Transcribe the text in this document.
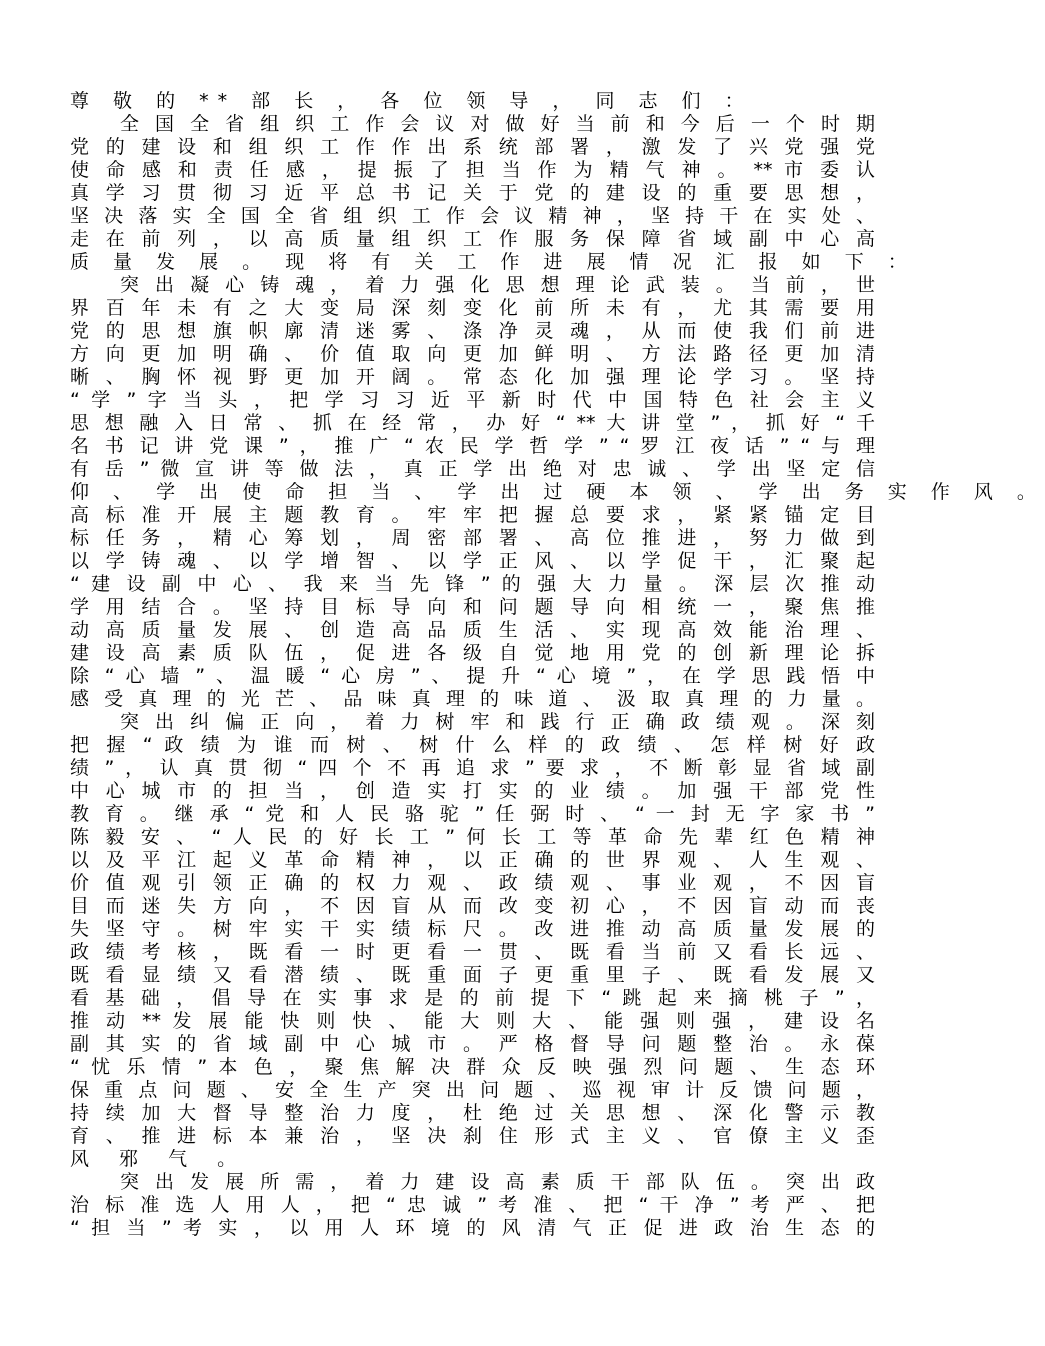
尊 敬 的 ** 部 长 ， 各 位 领 导 ， 同 志 们 ：
全 国 全 省 组 织 工 作 会 议 对 做 好 当 前 和 今 后 一 个 时 期
党 的 建 设 和 组 织 工 作 作 出 系 统 部 署 ， 激 发 了 兴 党 强 党
使 命 感 和 责 任 感 ， 提 振 了 担 当 作 为 精 气 神 。 ** 市 委 认
真 学 习 贯 彻 习 近 平 总 书 记 关 于 党 的 建 设 的 重 要 思 想 ，
坚 决 落 实 全 国 全 省 组 织 工 作 会 议 精 神 ， 坚 持 干 在 实 处 、
走 在 前 列 ， 以 高 质 量 组 织 工 作 服 务 保 障 省 域 副 中 心 高
质 量 发 展 。 现 将 有 关 工 作 进 展 情 况 汇 报 如 下 ：
突 出 凝 心 铸 魂 ， 着 力 强 化 思 想 理 论 武 装 。 当 前 ， 世
界 百 年 未 有 之 大 变 局 深 刻 变 化 前 所 未 有 ， 尤 其 需 要 用
党 的 思 想 旗 帜 廓 清 迷 雾 、 涤 净 灵 魂 ， 从 而 使 我 们 前 进
方 向 更 加 明 确 、 价 值 取 向 更 加 鲜 明 、 方 法 路 径 更 加 清
晰 、 胸 怀 视 野 更 加 开 阔 。 常 态 化 加 强 理 论 学 习 。 坚 持
“ 学 ” 字 当 头 ， 把 学 习 习 近 平 新 时 代 中 国 特 色 社 会 主 义
思 想 融 入 日 常 、 抓 在 经 常 ， 办 好 “ ** 大 讲 堂 ” ， 抓 好 “ 千
名 书 记 讲 党 课 ” ， 推 广 “ 农 民 学 哲 学 ” “ 罗 江 夜 话 ” “ 与 理
有 岳 ” 微 宣 讲 等 做 法 ， 真 正 学 出 绝 对 忠 诚 、 学 出 坚 定 信
仰 、 学 出 使 命 担 当 、 学 出 过 硬 本 领 、 学 出 务 实 作 风 。
高 标 准 开 展 主 题 教 育 。 牢 牢 把 握 总 要 求 ， 紧 紧 锚 定 目
标 任 务 ， 精 心 筹 划 ， 周 密 部 署 、 高 位 推 进 ， 努 力 做 到
以 学 铸 魂 、 以 学 增 智 、 以 学 正 风 、 以 学 促 干 ， 汇 聚 起
“ 建 设 副 中 心 、 我 来 当 先 锋 ” 的 强 大 力 量 。 深 层 次 推 动
学 用 结 合 。 坚 持 目 标 导 向 和 问 题 导 向 相 统 一 ， 聚 焦 推
动 高 质 量 发 展 、 创 造 高 品 质 生 活 、 实 现 高 效 能 治 理 、
建 设 高 素 质 队 伍 ， 促 进 各 级 自 觉 地 用 党 的 创 新 理 论 拆
除 “ 心 墙 ” 、 温 暖 “ 心 房 ” 、 提 升 “ 心 境 ” ， 在 学 思 践 悟 中
感 受 真 理 的 光 芒 、 品 味 真 理 的 味 道 、 汲 取 真 理 的 力 量 。
突 出 纠 偏 正 向 ， 着 力 树 牢 和 践 行 正 确 政 绩 观 。 深 刻
把 握 “ 政 绩 为 谁 而 树 、 树 什 么 样 的 政 绩 、 怎 样 树 好 政
绩 ” ， 认 真 贯 彻 “ 四 个 不 再 追 求 ” 要 求 ， 不 断 彰 显 省 域 副
中 心 城 市 的 担 当 ， 创 造 实 打 实 的 业 绩 。 加 强 干 部 党 性
教 育 。 继 承 “ 党 和 人 民 骆 驼 ” 任 弼 时 、 “ 一 封 无 字 家 书 ”
陈 毅 安 、 “ 人 民 的 好 长 工 ” 何 长 工 等 革 命 先 辈 红 色 精 神
以 及 平 江 起 义 革 命 精 神 ， 以 正 确 的 世 界 观 、 人 生 观 、
价 值 观 引 领 正 确 的 权 力 观 、 政 绩 观 、 事 业 观 ， 不 因 盲
目 而 迷 失 方 向 ， 不 因 盲 从 而 改 变 初 心 ， 不 因 盲 动 而 丧
失 坚 守 。 树 牢 实 干 实 绩 标 尺 。 改 进 推 动 高 质 量 发 展 的
政 绩 考 核 ， 既 看 一 时 更 看 一 贯 、 既 看 当 前 又 看 长 远 、
既 看 显 绩 又 看 潜 绩 、 既 重 面 子 更 重 里 子 、 既 看 发 展 又
看 基 础 ， 倡 导 在 实 事 求 是 的 前 提 下 “ 跳 起 来 摘 桃 子 ” ，
推 动 ** 发 展 能 快 则 快 、 能 大 则 大 、 能 强 则 强 ， 建 设 名
副 其 实 的 省 域 副 中 心 城 市 。 严 格 督 导 问 题 整 治 。 永 葆
“ 忧 乐 情 ” 本 色 ， 聚 焦 解 决 群 众 反 映 强 烈 问 题 、 生 态 环
保 重 点 问 题 、 安 全 生 产 突 出 问 题 、 巡 视 审 计 反 馈 问 题 ，
持 续 加 大 督 导 整 治 力 度 ， 杜 绝 过 关 思 想 、 深 化 警 示 教
育 、 推 进 标 本 兼 治 ， 坚 决 刹 住 形 式 主 义 、 官 僚 主 义 歪
风 邪 气 。
突 出 发 展 所 需 ， 着 力 建 设 高 素 质 干 部 队 伍 。 突 出 政
治 标 准 选 人 用 人 ， 把 “ 忠 诚 ” 考 准 、 把 “ 干 净 ” 考 严 、 把
“ 担 当 ” 考 实 ， 以 用 人 环 境 的 风 清 气 正 促 进 政 治 生 态 的
